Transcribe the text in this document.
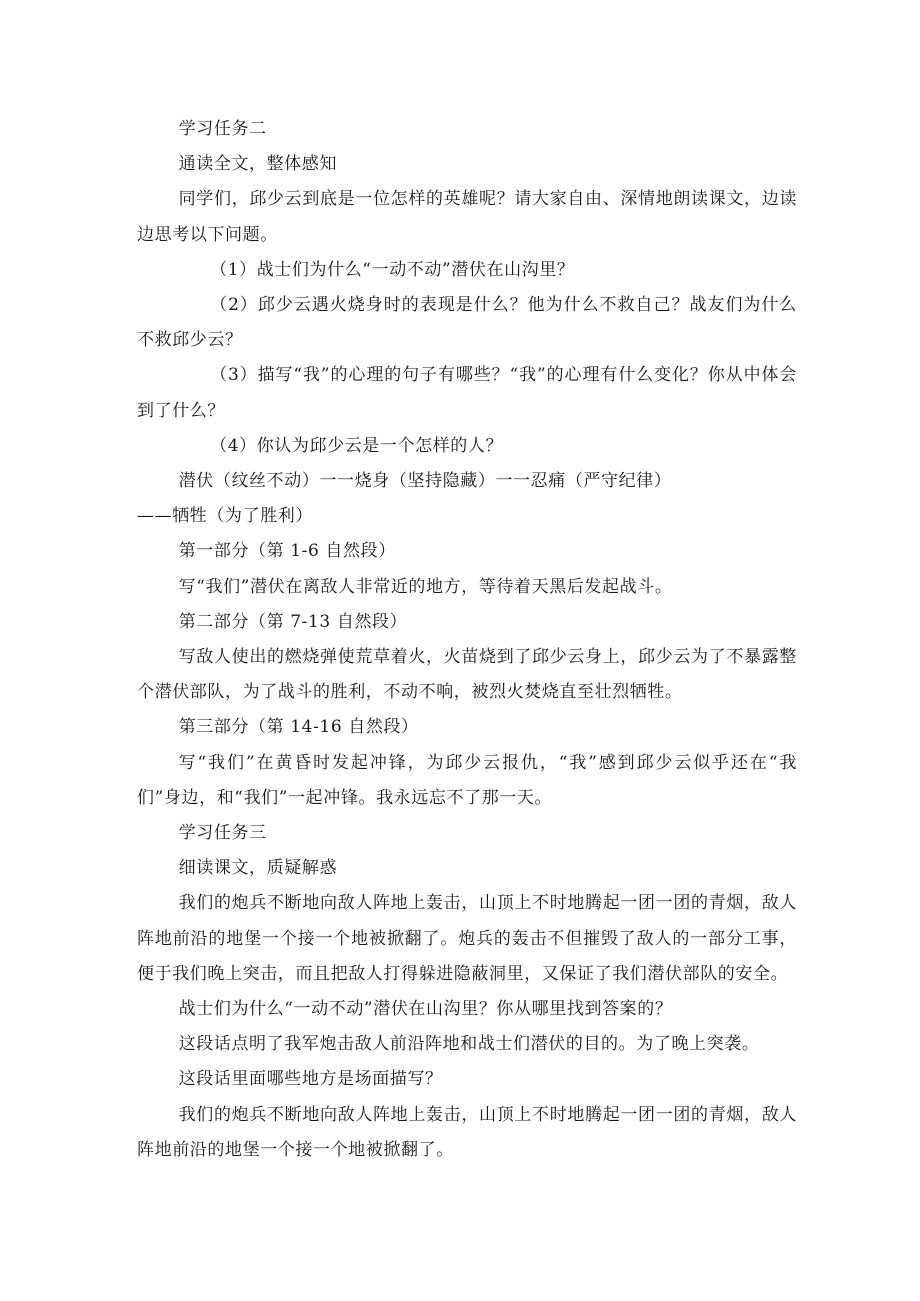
学习任务二

通读全文，整体感知

同学们，邱少云到底是一位怎样的英雄呢？请大家自由、深情地朗读课文，边读边思考以下问题。

（1）战士们为什么“一动不动”潜伏在山沟里？

（2）邱少云遇火烧身时的表现是什么？他为什么不救自己？战友们为什么不救邱少云？

（3）描写“我”的心理的句子有哪些？“我”的心理有什么变化？你从中体会到了什么？

（4）你认为邱少云是一个怎样的人？

潜伏（纹丝不动）一一烧身（坚持隐藏）一一忍痛（严守纪律）

——牺牲（为了胜利）

第一部分（第 1-6 自然段）

写“我们”潜伏在离敌人非常近的地方，等待着天黑后发起战斗。

第二部分（第 7-13 自然段）

写敌人使出的燃烧弹使荒草着火，火苗烧到了邱少云身上，邱少云为了不暴露整个潜伏部队，为了战斗的胜利，不动不响，被烈火焚烧直至壮烈牺牲。

第三部分（第 14-16 自然段）

写“我们”在黄昏时发起冲锋，为邱少云报仇，“我”感到邱少云似乎还在“我们”身边，和“我们”一起冲锋。我永远忘不了那一天。

学习任务三

细读课文，质疑解惑

我们的炮兵不断地向敌人阵地上轰击，山顶上不时地腾起一团一团的青烟，敌人阵地前沿的地堡一个接一个地被掀翻了。炮兵的轰击不但摧毁了敌人的一部分工事，便于我们晚上突击，而且把敌人打得躲进隐蔽洞里，又保证了我们潜伏部队的安全。

战士们为什么“一动不动”潜伏在山沟里？你从哪里找到答案的？

这段话点明了我军炮击敌人前沿阵地和战士们潜伏的目的。为了晚上突袭。

这段话里面哪些地方是场面描写？

我们的炮兵不断地向敌人阵地上轰击，山顶上不时地腾起一团一团的青烟，敌人阵地前沿的地堡一个接一个地被掀翻了。
